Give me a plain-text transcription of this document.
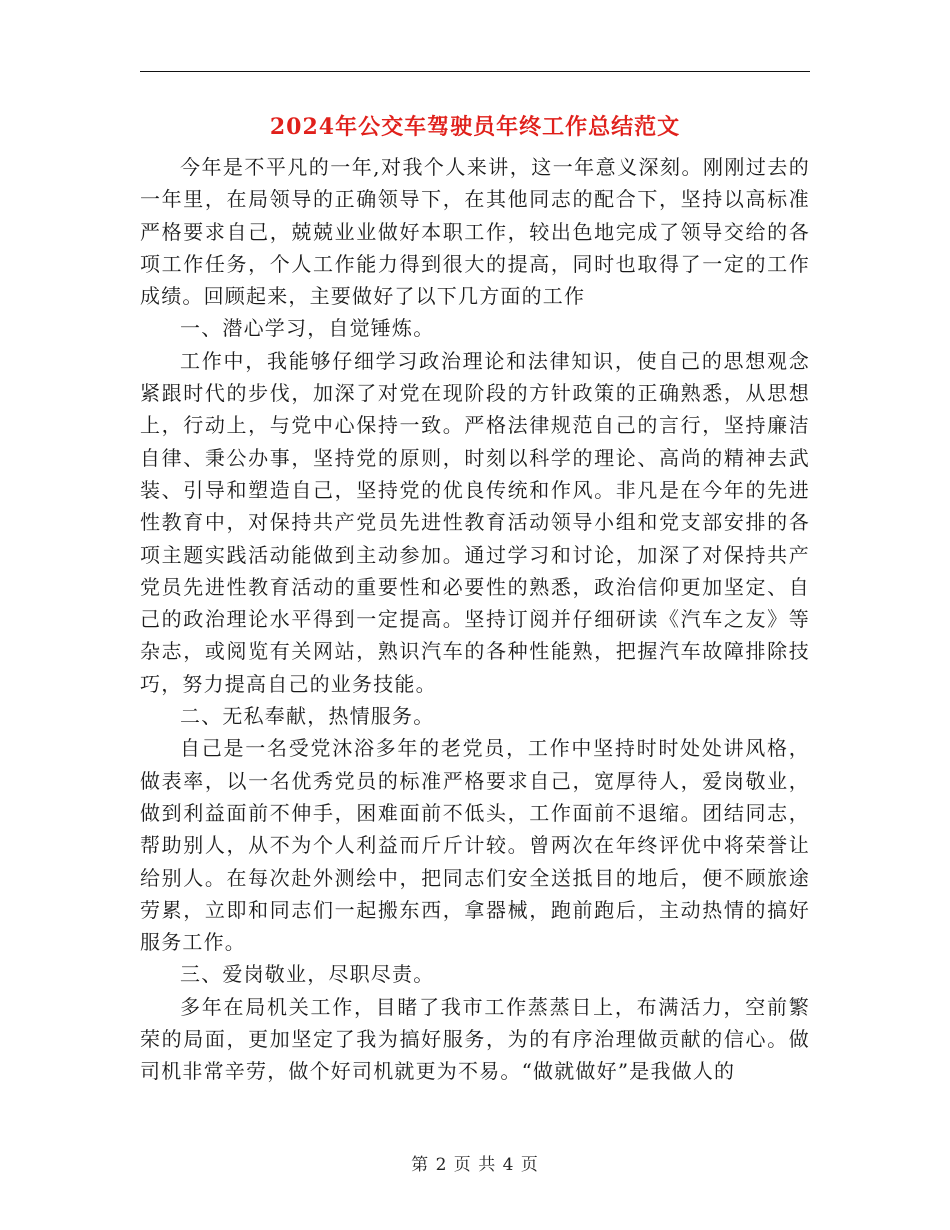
2024年公交车驾驶员年终工作总结范文

今年是不平凡的一年,对我个人来讲，这一年意义深刻。刚刚过去的一年里，在局领导的正确领导下，在其他同志的配合下，坚持以高标准严格要求自己，兢兢业业做好本职工作，较出色地完成了领导交给的各项工作任务，个人工作能力得到很大的提高，同时也取得了一定的工作成绩。回顾起来，主要做好了以下几方面的工作

一、潜心学习，自觉锤炼。

工作中，我能够仔细学习政治理论和法律知识，使自己的思想观念紧跟时代的步伐，加深了对党在现阶段的方针政策的正确熟悉，从思想上，行动上，与党中心保持一致。严格法律规范自己的言行，坚持廉洁自律、秉公办事，坚持党的原则，时刻以科学的理论、高尚的精神去武装、引导和塑造自己，坚持党的优良传统和作风。非凡是在今年的先进性教育中，对保持共产党员先进性教育活动领导小组和党支部安排的各项主题实践活动能做到主动参加。通过学习和讨论，加深了对保持共产党员先进性教育活动的重要性和必要性的熟悉，政治信仰更加坚定、自己的政治理论水平得到一定提高。坚持订阅并仔细研读《汽车之友》等杂志，或阅览有关网站，熟识汽车的各种性能熟，把握汽车故障排除技巧，努力提高自己的业务技能。

二、无私奉献，热情服务。

自己是一名受党沐浴多年的老党员，工作中坚持时时处处讲风格，做表率，以一名优秀党员的标准严格要求自己，宽厚待人，爱岗敬业，做到利益面前不伸手，困难面前不低头，工作面前不退缩。团结同志，帮助别人，从不为个人利益而斤斤计较。曾两次在年终评优中将荣誉让给别人。在每次赴外测绘中，把同志们安全送抵目的地后，便不顾旅途劳累，立即和同志们一起搬东西，拿器械，跑前跑后，主动热情的搞好服务工作。

三、爱岗敬业，尽职尽责。

多年在局机关工作，目睹了我市工作蒸蒸日上，布满活力，空前繁荣的局面，更加坚定了我为搞好服务，为的有序治理做贡献的信心。做司机非常辛劳，做个好司机就更为不易。“做就做好”是我做人的

第 2 页 共 4 页
